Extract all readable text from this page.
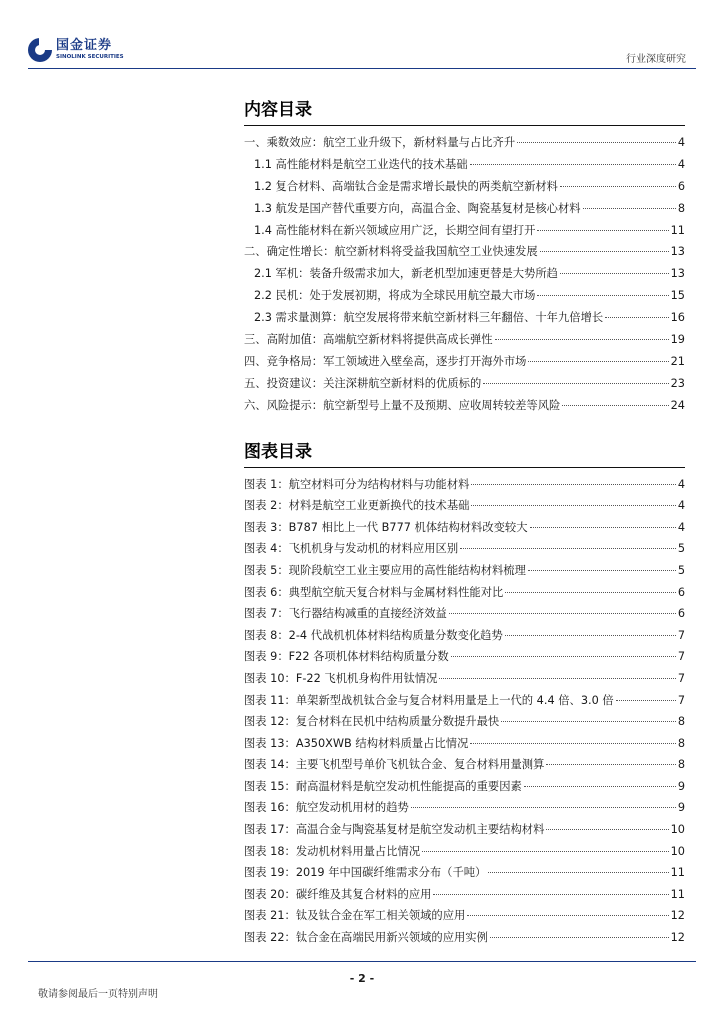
国金证券
SINOLINK SECURITIES	行业深度研究
内容目录
一、乘数效应：航空工业升级下，新材料量与占比齐升	4
1.1 高性能材料是航空工业迭代的技术基础	4
1.2 复合材料、高端钛合金是需求增长最快的两类航空新材料	6
1.3 航发是国产替代重要方向，高温合金、陶瓷基复材是核心材料	8
1.4 高性能材料在新兴领域应用广泛，长期空间有望打开	11
二、确定性增长：航空新材料将受益我国航空工业快速发展	13
2.1 军机：装备升级需求加大，新老机型加速更替是大势所趋	13
2.2 民机：处于发展初期，将成为全球民用航空最大市场	15
2.3 需求量测算：航空发展将带来航空新材料三年翻倍、十年九倍增长	16
三、高附加值：高端航空新材料将提供高成长弹性	19
四、竞争格局：军工领域进入壁垒高，逐步打开海外市场	21
五、投资建议：关注深耕航空新材料的优质标的	23
六、风险提示：航空新型号上量不及预期、应收周转较差等风险	24
图表目录
图表 1：航空材料可分为结构材料与功能材料	4
图表 2：材料是航空工业更新换代的技术基础	4
图表 3：B787 相比上一代 B777 机体结构材料改变较大	4
图表 4：飞机机身与发动机的材料应用区别	5
图表 5：现阶段航空工业主要应用的高性能结构材料梳理	5
图表 6：典型航空航天复合材料与金属材料性能对比	6
图表 7：飞行器结构减重的直接经济效益	6
图表 8：2-4 代战机机体材料结构质量分数变化趋势	7
图表 9：F22 各项机体材料结构质量分数	7
图表 10：F-22 飞机机身构件用钛情况	7
图表 11：单架新型战机钛合金与复合材料用量是上一代的 4.4 倍、3.0 倍	7
图表 12：复合材料在民机中结构质量分数提升最快	8
图表 13：A350XWB 结构材料质量占比情况	8
图表 14：主要飞机型号单价飞机钛合金、复合材料用量测算	8
图表 15：耐高温材料是航空发动机性能提高的重要因素	9
图表 16：航空发动机用材的趋势	9
图表 17：高温合金与陶瓷基复材是航空发动机主要结构材料	10
图表 18：发动机材料用量占比情况	10
图表 19：2019 年中国碳纤维需求分布（千吨）	11
图表 20：碳纤维及其复合材料的应用	11
图表 21：钛及钛合金在军工相关领域的应用	12
图表 22：钛合金在高端民用新兴领域的应用实例	12
- 2 -
敬请参阅最后一页特别声明
